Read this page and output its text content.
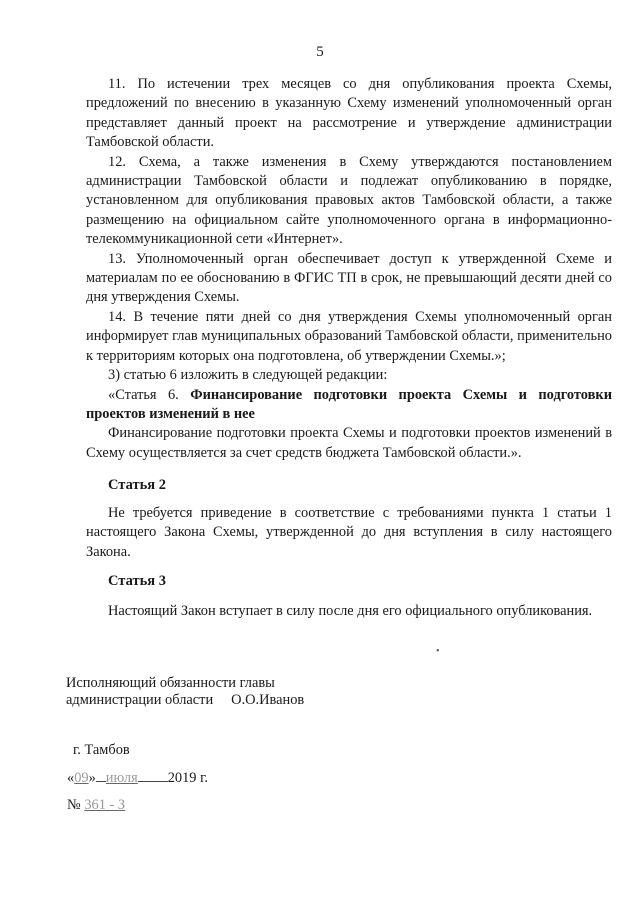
5

11. По истечении трех месяцев со дня опубликования проекта Схемы, предложений по внесению в указанную Схему изменений уполномоченный орган представляет данный проект на рассмотрение и утверждение администрации Тамбовской области.

12. Схема, а также изменения в Схему утверждаются постановлением администрации Тамбовской области и подлежат опубликованию в порядке, установленном для опубликования правовых актов Тамбовской области, а также размещению на официальном сайте уполномоченного органа в информационно-телекоммуникационной сети «Интернет».

13. Уполномоченный орган обеспечивает доступ к утвержденной Схеме и материалам по ее обоснованию в ФГИС ТП в срок, не превышающий десяти дней со дня утверждения Схемы.

14. В течение пяти дней со дня утверждения Схемы уполномоченный орган информирует глав муниципальных образований Тамбовской области, применительно к территориям которых она подготовлена, об утверждении Схемы.»;

3) статью 6 изложить в следующей редакции:

«Статья 6. Финансирование подготовки проекта Схемы и подготовки проектов изменений в нее

Финансирование подготовки проекта Схемы и подготовки проектов изменений в Схему осуществляется за счет средств бюджета Тамбовской области.».

Статья 2

Не требуется приведение в соответствие с требованиями пункта 1 статьи 1 настоящего Закона Схемы, утвержденной до дня вступления в силу настоящего Закона.

Статья 3

Настоящий Закон вступает в силу после дня его официального опубликования.

•
Исполняющий обязанности главы
администрации области О.О.Иванов
г. Тамбов
«09» июля 2019 г.
№ 361 - З
